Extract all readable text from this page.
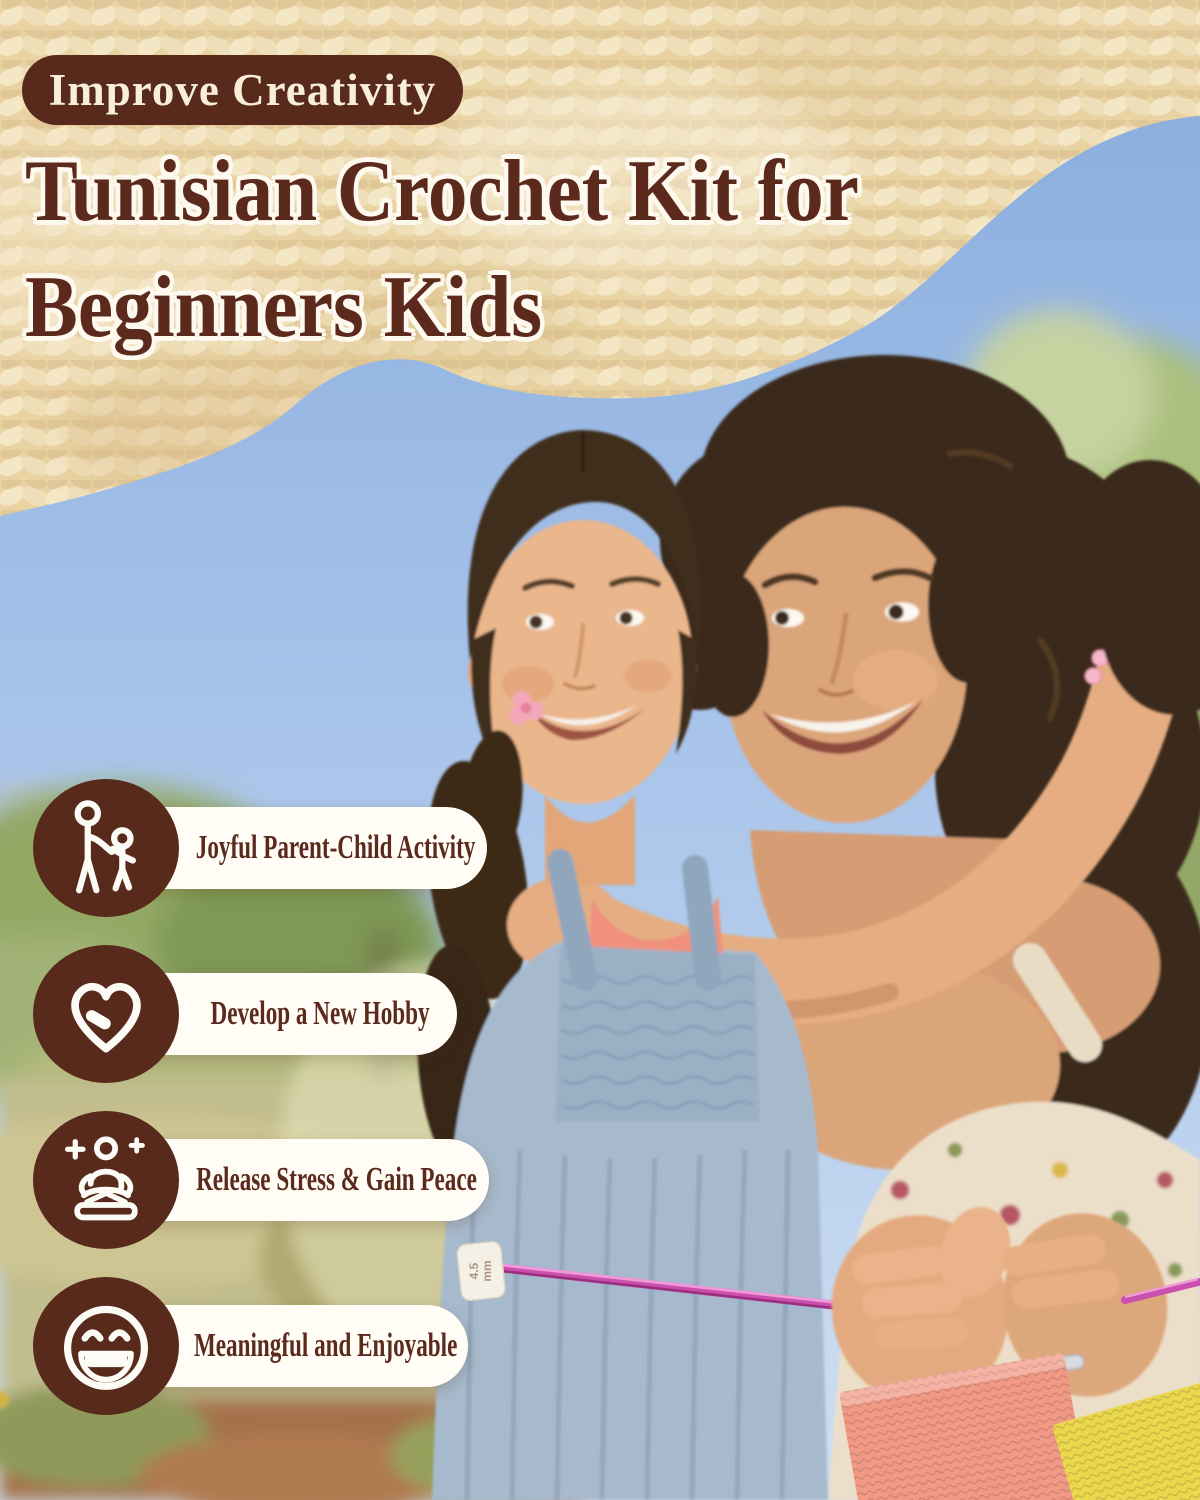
Improve Creativity
Tunisian Crochet Kit for
Beginners Kids
Joyful Parent-Child Activity
Develop a New Hobby
Release Stress & Gain Peace
Meaningful and Enjoyable
4.5 mm
